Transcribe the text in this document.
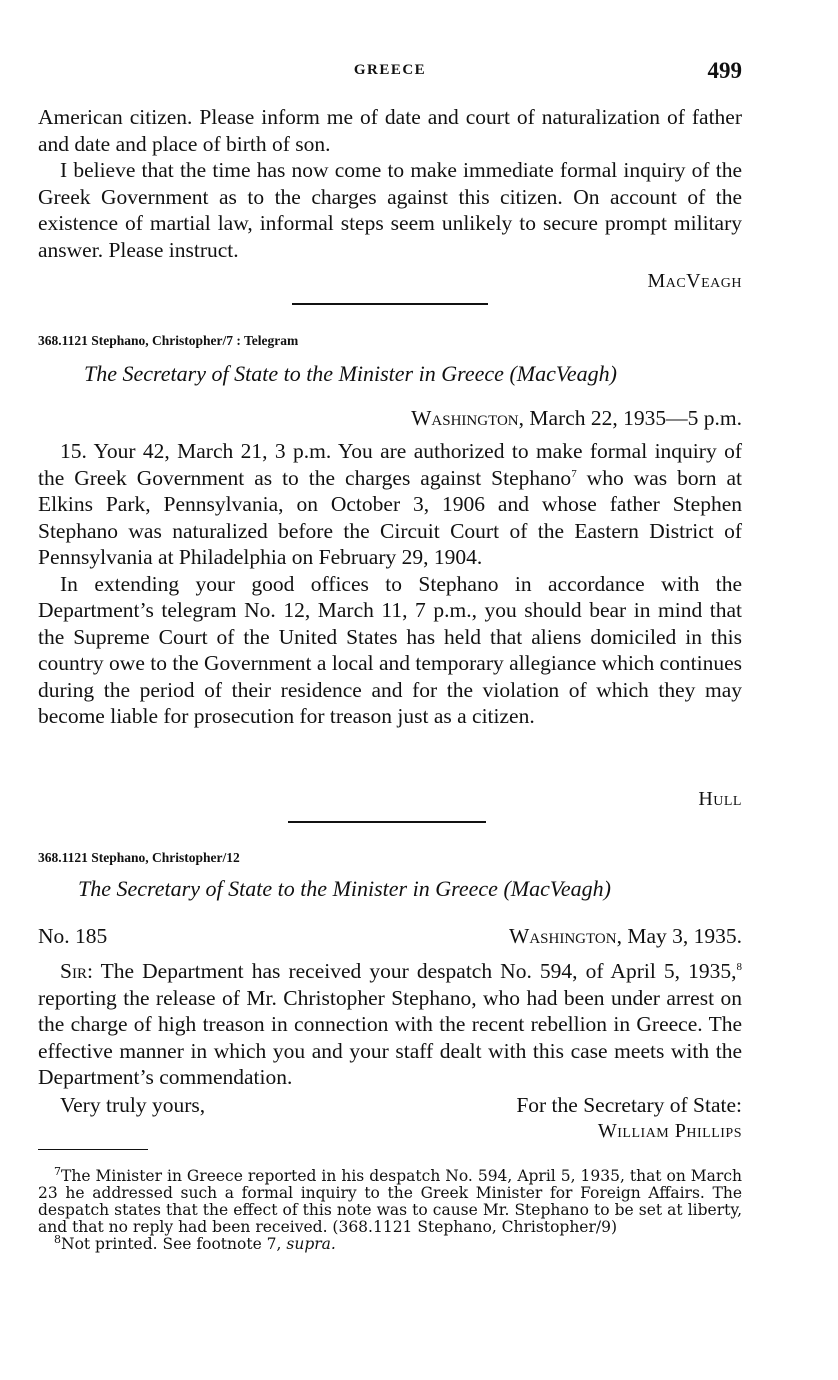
GREECE	499

American citizen. Please inform me of date and court of naturalization of father and date and place of birth of son.

I believe that the time has now come to make immediate formal inquiry of the Greek Government as to the charges against this citizen. On account of the existence of martial law, informal steps seem unlikely to secure prompt military answer. Please instruct.

MacVeagh
368.1121 Stephano, Christopher/7 : Telegram
The Secretary of State to the Minister in Greece (MacVeagh)
Washington, March 22, 1935—5 p.m.

15. Your 42, March 21, 3 p.m. You are authorized to make formal inquiry of the Greek Government as to the charges against Stephano$^7$ who was born at Elkins Park, Pennsylvania, on October 3, 1906 and whose father Stephen Stephano was naturalized before the Circuit Court of the Eastern District of Pennsylvania at Philadelphia on February 29, 1904.

In extending your good offices to Stephano in accordance with the Department’s telegram No. 12, March 11, 7 p.m., you should bear in mind that the Supreme Court of the United States has held that aliens domiciled in this country owe to the Government a local and temporary allegiance which continues during the period of their residence and for the violation of which they may become liable for prosecution for treason just as a citizen.

Hull
368.1121 Stephano, Christopher/12
The Secretary of State to the Minister in Greece (MacVeagh)
No. 185	Washington, May 3, 1935.

Sir: The Department has received your despatch No. 594, of April 5, 1935,$^8$ reporting the release of Mr. Christopher Stephano, who had been under arrest on the charge of high treason in connection with the recent rebellion in Greece. The effective manner in which you and your staff dealt with this case meets with the Department’s commendation.

Very truly yours,	For the Secretary of State:
William Phillips

$^7$The Minister in Greece reported in his despatch No. 594, April 5, 1935, that on March 23 he addressed such a formal inquiry to the Greek Minister for Foreign Affairs. The despatch states that the effect of this note was to cause Mr. Stephano to be set at liberty, and that no reply had been received. (368.1121 Stephano, Christopher/9)

$^8$Not printed. See footnote 7, supra.
